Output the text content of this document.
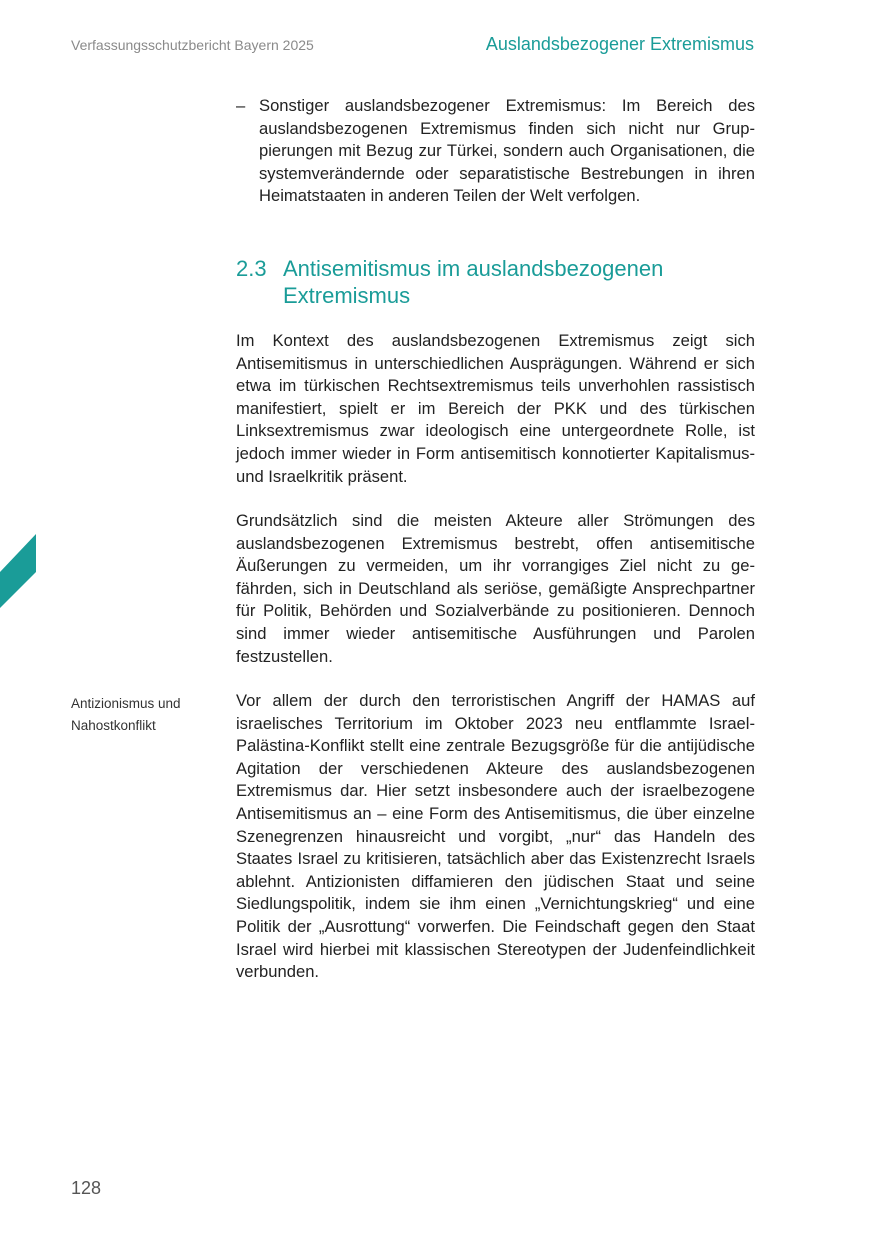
Verfassungsschutzbericht Bayern 2025	Auslandsbezogener Extremismus
– Sonstiger auslandsbezogener Extremismus: Im Bereich des auslandsbezogenen Extremismus finden sich nicht nur Gruppierungen mit Bezug zur Türkei, sondern auch Organisationen, die systemverändernde oder separatistische Bestrebungen in ihren Heimatstaaten in anderen Teilen der Welt verfolgen.
2.3 Antisemitismus im auslandsbezogenen Extremismus
Im Kontext des auslandsbezogenen Extremismus zeigt sich Antisemitismus in unterschiedlichen Ausprägungen. Während er sich etwa im türkischen Rechtsextremismus teils unverhohlen rassistisch manifestiert, spielt er im Bereich der PKK und des türkischen Linksextremismus zwar ideologisch eine untergeordnete Rolle, ist jedoch immer wieder in Form antisemitisch konnotierter Kapitalismus- und Israelkritik präsent.
Grundsätzlich sind die meisten Akteure aller Strömungen des auslandsbezogenen Extremismus bestrebt, offen antisemitische Äußerungen zu vermeiden, um ihr vorrangiges Ziel nicht zu gefährden, sich in Deutschland als seriöse, gemäßigte Ansprechpartner für Politik, Behörden und Sozialverbände zu positionieren. Dennoch sind immer wieder antisemitische Ausführungen und Parolen festzustellen.
Antizionismus und
Nahostkonflikt
Vor allem der durch den terroristischen Angriff der HAMAS auf israelisches Territorium im Oktober 2023 neu entflammte Israel-Palästina-Konflikt stellt eine zentrale Bezugsgröße für die antijüdische Agitation der verschiedenen Akteure des auslandsbezogenen Extremismus dar. Hier setzt insbesondere auch der israelbezogene Antisemitismus an – eine Form des Antisemitismus, die über einzelne Szenegrenzen hinausreicht und vorgibt, „nur“ das Handeln des Staates Israel zu kritisieren, tatsächlich aber das Existenzrecht Israels ablehnt. Antizionisten diffamieren den jüdischen Staat und seine Siedlungspolitik, indem sie ihm einen „Vernichtungskrieg“ und eine Politik der „Ausrottung“ vorwerfen. Die Feindschaft gegen den Staat Israel wird hierbei mit klassischen Stereotypen der Judenfeindlichkeit verbunden.
128
